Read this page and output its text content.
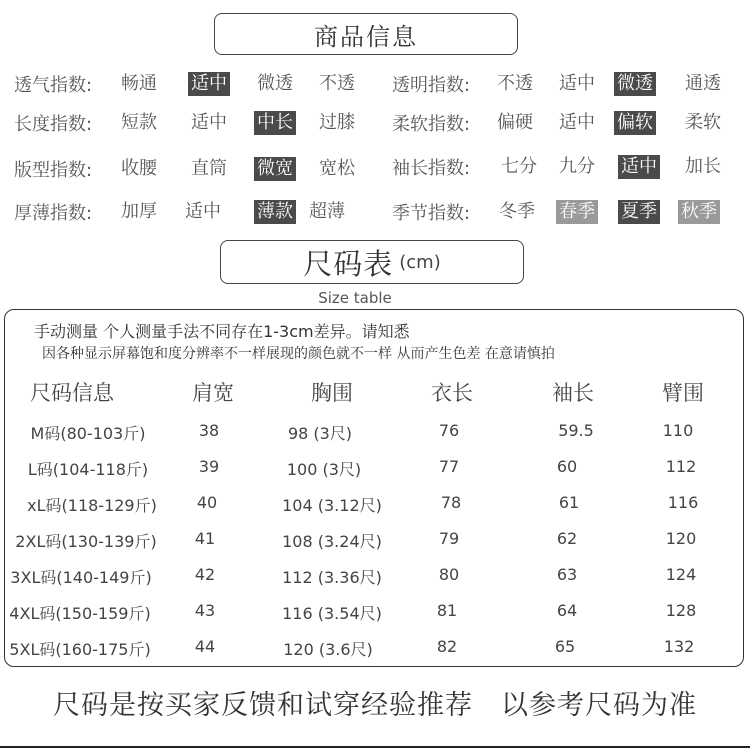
商品信息
透气指数: 畅通 适中 微透 不透
长度指数: 短款 适中 中长 过膝
版型指数: 收腰 直筒 微宽 宽松
厚薄指数: 加厚 适中 薄款 超薄
透明指数: 不透 适中 微透 通透
柔软指数: 偏硬 适中 偏软 柔软
袖长指数: 七分 九分 适中 加长
季节指数: 冬季 春季 夏季 秋季
尺码表 (cm)
Size table
手动测量 个人测量手法不同存在1-3cm差异。请知悉
因各种显示屏幕饱和度分辨率不一样展现的颜色就不一样 从而产生色差 在意请慎拍
尺码信息	肩宽	胸围	衣长	袖长	臂围
M码(80-103斤)	38	98 (3尺)	76	59.5	110
L码(104-118斤)	39	100 (3尺)	77	60	112
xL码(118-129斤) 40	104 (3.12尺)	78	61	116
2XL码(130-139斤) 41	108 (3.24尺)	79	62	120
3XL码(140-149斤)	42	112 (3.36尺)	80	63	124
4XL码(150-159斤)	43	116 (3.54尺)	81	64	128
5XL码(160-175斤)	44	120 (3.6尺)	82	65	132
尺码是按买家反馈和试穿经验推荐 以参考尺码为准
